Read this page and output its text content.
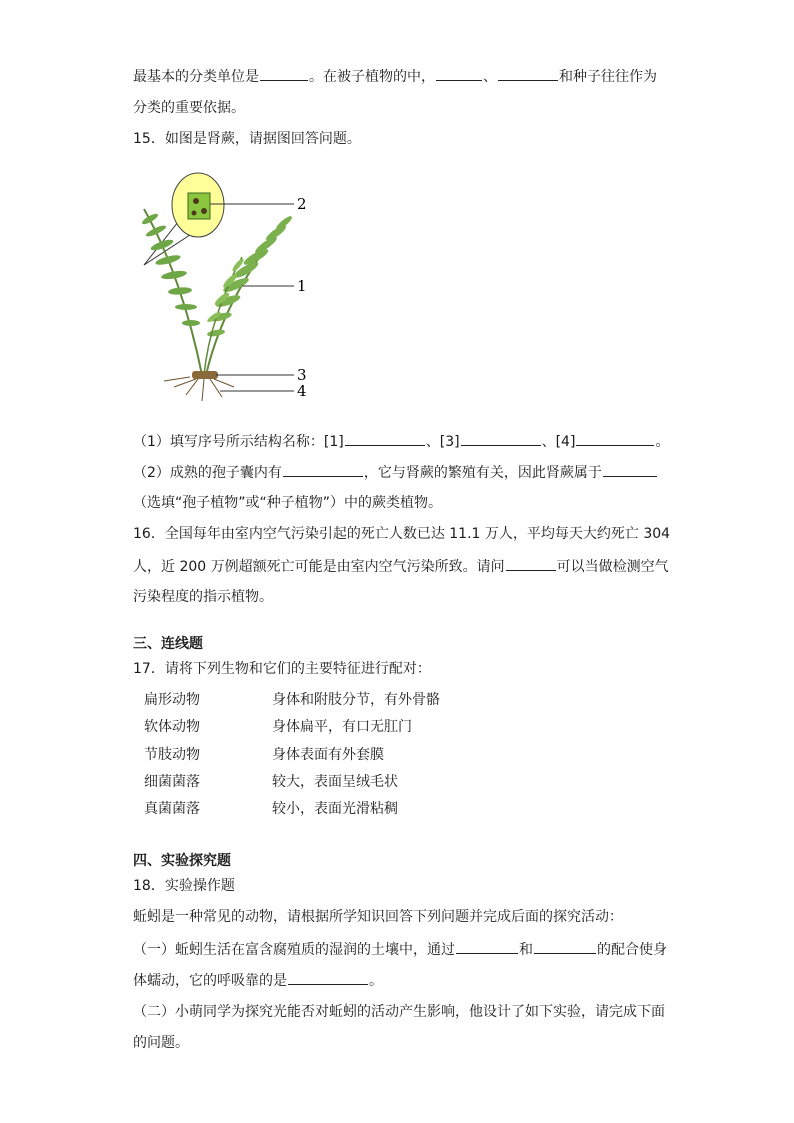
最基本的分类单位是	。在被子植物的中，	、	和种子往往作为
分类的重要依据。
15．如图是肾蕨，请据图回答问题。
2
1
3
4
（1）填写序号所示结构名称：[1]	、[3]	、[4]	。
（2）成熟的孢子囊内有	，它与肾蕨的繁殖有关，因此肾蕨属于
（选填“孢子植物”或“种子植物”）中的蕨类植物。
16．全国每年由室内空气污染引起的死亡人数已达 11.1 万人，平均每天大约死亡 304
人，近 200 万例超额死亡可能是由室内空气污染所致。请问	可以当做检测空气
污染程度的指示植物。
三、连线题
17．请将下列生物和它们的主要特征进行配对：
扁形动物	身体和附肢分节，有外骨骼
软体动物	身体扁平，有口无肛门
节肢动物	身体表面有外套膜
细菌菌落	较大，表面呈绒毛状
真菌菌落	较小，表面光滑粘稠
四、实验探究题
18．实验操作题
蚯蚓是一种常见的动物，请根据所学知识回答下列问题并完成后面的探究活动：
（一）蚯蚓生活在富含腐殖质的湿润的土壤中，通过	和	的配合使身
体蠕动，它的呼吸靠的是	。
（二）小萌同学为探究光能否对蚯蚓的活动产生影响，他设计了如下实验，请完成下面
的问题。
